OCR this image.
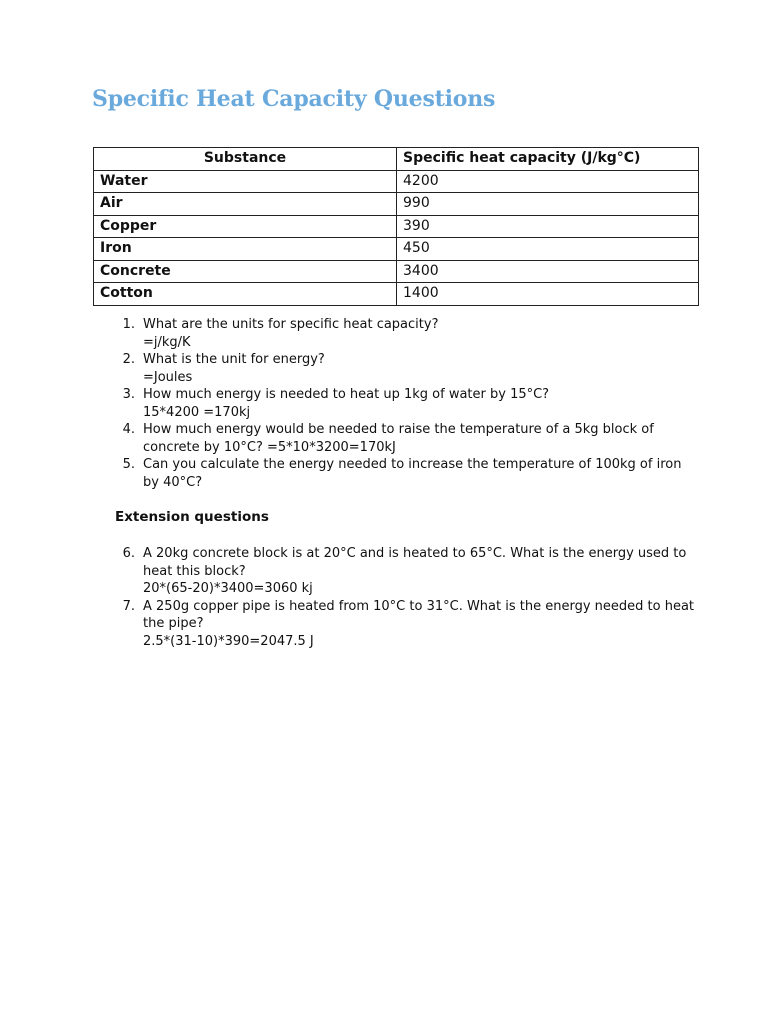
Specific Heat Capacity Questions
Substance	Specific heat capacity (J/kg°C)
Water	4200
Air	990
Copper	390
Iron	450
Concrete	3400
Cotton	1400
1. What are the units for specific heat capacity?
=j/kg/K
2. What is the unit for energy?
=Joules
3. How much energy is needed to heat up 1kg of water by 15°C?
15*4200 =170kj
4. How much energy would be needed to raise the temperature of a 5kg block of concrete by 10°C? =5*10*3200=170kJ
5. Can you calculate the energy needed to increase the temperature of 100kg of iron by 40°C?
Extension questions
6. A 20kg concrete block is at 20°C and is heated to 65°C. What is the energy used to heat this block?
20*(65-20)*3400=3060 kj
7. A 250g copper pipe is heated from 10°C to 31°C. What is the energy needed to heat the pipe?
2.5*(31-10)*390=2047.5 J
